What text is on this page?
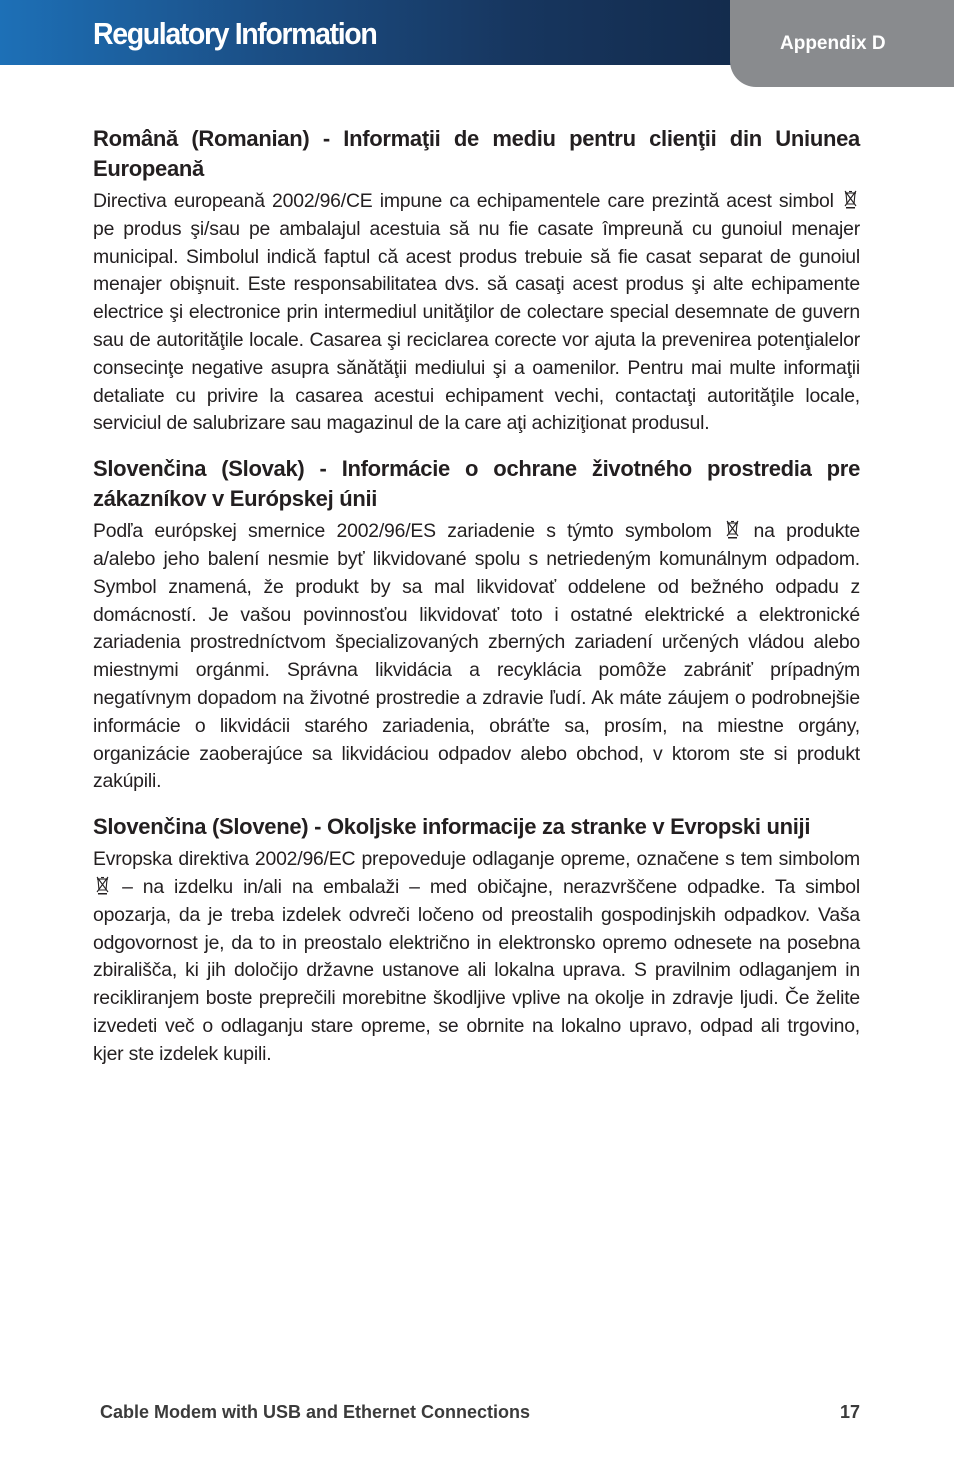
Regulatory Information	Appendix D
Română (Romanian) - Informaţii de mediu pentru clienţii din Uniunea Europeană

Directiva europeană 2002/96/CE impune ca echipamentele care prezintă acest simbol  pe produs şi/sau pe ambalajul acestuia să nu fie casate împreună cu gunoiul menajer municipal. Simbolul indică faptul că acest produs trebuie să fie casat separat de gunoiul menajer obişnuit. Este responsabilitatea dvs. să casaţi acest produs şi alte echipamente electrice şi electronice prin intermediul unităţilor de colectare special desemnate de guvern sau de autorităţile locale. Casarea şi reciclarea corecte vor ajuta la prevenirea potenţialelor consecinţe negative asupra sănătăţii mediului şi a oamenilor. Pentru mai multe informaţii detaliate cu privire la casarea acestui echipament vechi, contactaţi autorităţile locale, serviciul de salubrizare sau magazinul de la care aţi achiziţionat produsul.

Slovenčina (Slovak) - Informácie o ochrane životného prostredia pre zákazníkov v Európskej únii

Podľa európskej smernice 2002/96/ES zariadenie s týmto symbolom na produkte a/alebo jeho balení nesmie byť likvidované spolu s netriedeným komunálnym odpadom. Symbol znamená, že produkt by sa mal likvidovať oddelene od bežného odpadu z domácností. Je vašou povinnosťou likvidovať toto i ostatné elektrické a elektronické zariadenia prostredníctvom špecializovaných zberných zariadení určených vládou alebo miestnymi orgánmi. Správna likvidácia a recyklácia pomôže zabrániť prípadným negatívnym dopadom na životné prostredie a zdravie ľudí. Ak máte záujem o podrobnejšie informácie o likvidácii starého zariadenia, obráťte sa, prosím, na miestne orgány, organizácie zaoberajúce sa likvidáciou odpadov alebo obchod, v ktorom ste si produkt zakúpili.

Slovenčina (Slovene) - Okoljske informacije za stranke v Evropski uniji

Evropska direktiva 2002/96/EC prepoveduje odlaganje opreme, označene s tem simbolom  – na izdelku in/ali na embalaži – med običajne, nerazvrščene odpadke. Ta simbol opozarja, da je treba izdelek odvreči ločeno od preostalih gospodinjskih odpadkov. Vaša odgovornost je, da to in preostalo električno in elektronsko opremo odnesete na posebna zbirališča, ki jih določijo državne ustanove ali lokalna uprava. S pravilnim odlaganjem in recikliranjem boste preprečili morebitne škodljive vplive na okolje in zdravje ljudi. Če želite izvedeti več o odlaganju stare opreme, se obrnite na lokalno upravo, odpad ali trgovino, kjer ste izdelek kupili.

Cable Modem with USB and Ethernet Connections	17
